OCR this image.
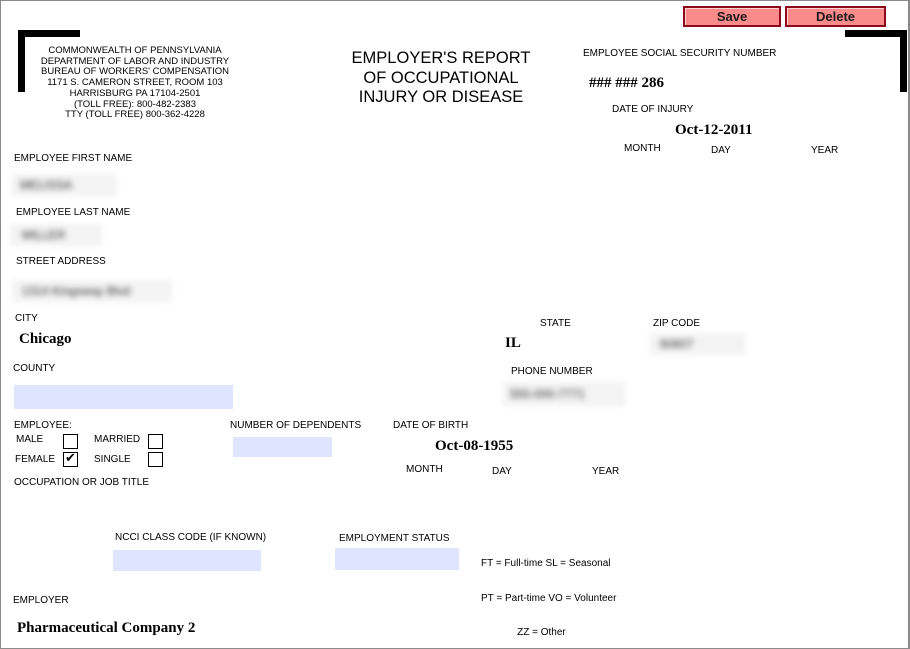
Save	Delete
COMMONWEALTH OF PENNSYLVANIA
DEPARTMENT OF LABOR AND INDUSTRY
BUREAU OF WORKERS' COMPENSATION
1171 S. CAMERON STREET, ROOM 103
HARRISBURG PA 17104-2501
(TOLL FREE): 800-482-2383
TTY (TOLL FREE) 800-362-4228
EMPLOYER'S REPORT
OF OCCUPATIONAL
INJURY OR DISEASE
EMPLOYEE SOCIAL SECURITY NUMBER
### ### 286
DATE OF INJURY
Oct-12-2011
MONTH	DAY	YEAR
EMPLOYEE FIRST NAME
MELISSA
EMPLOYEE LAST NAME
MILLER
STREET ADDRESS
1314 Kingsway Blvd
CITY
Chicago
STATE
IL
ZIP CODE
60607
COUNTY	PHONE NUMBER
555-000-7771
EMPLOYEE:
MALE	MARRIED
FEMALE ✔ SINGLE
NUMBER OF DEPENDENTS	DATE OF BIRTH
Oct-08-1955
MONTH	DAY	YEAR
OCCUPATION OR JOB TITLE
NCCI CLASS CODE (IF KNOWN)	EMPLOYMENT STATUS

FT = Full-time SL = Seasonal

PT = Part-time VO = Volunteer

ZZ = Other

EMPLOYER
Pharmaceutical Company 2
